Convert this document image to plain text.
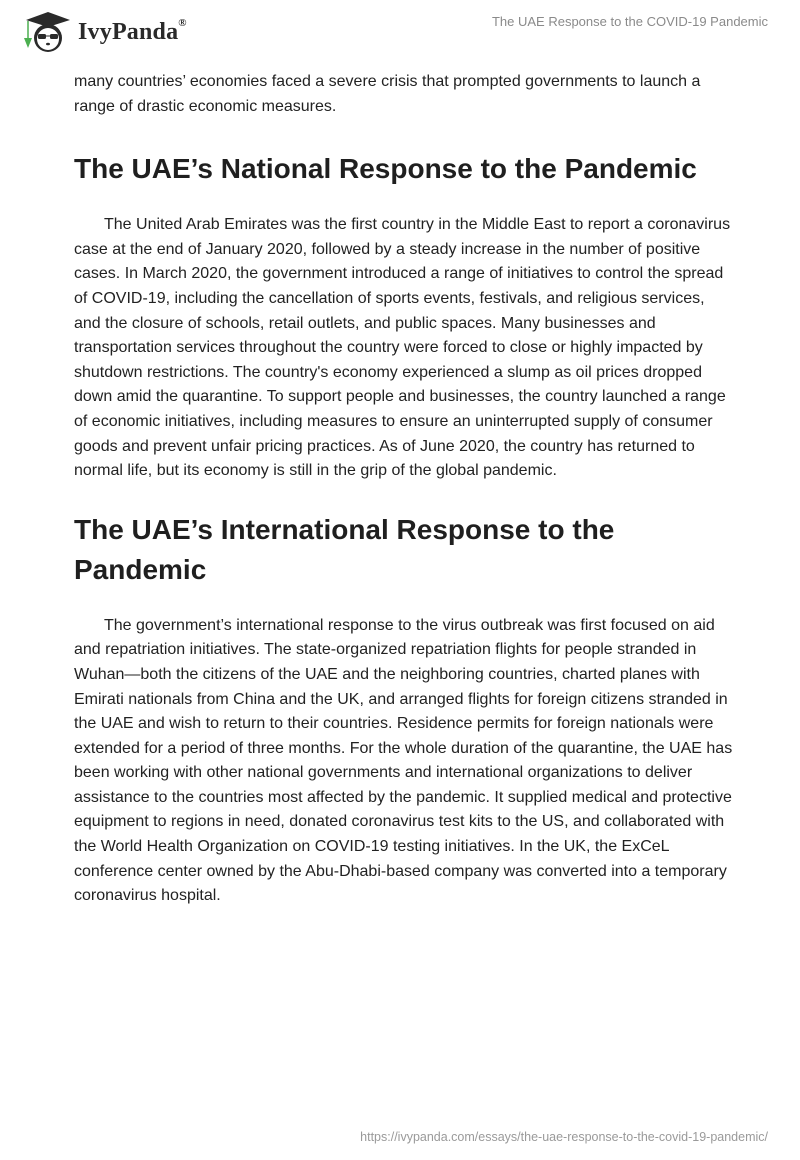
IvyPanda®	The UAE Response to the COVID-19 Pandemic

many countries’ economies faced a severe crisis that prompted governments to launch a range of drastic economic measures.

The UAE’s National Response to the Pandemic

The United Arab Emirates was the first country in the Middle East to report a coronavirus case at the end of January 2020, followed by a steady increase in the number of positive cases. In March 2020, the government introduced a range of initiatives to control the spread of COVID-19, including the cancellation of sports events, festivals, and religious services, and the closure of schools, retail outlets, and public spaces. Many businesses and transportation services throughout the country were forced to close or highly impacted by shutdown restrictions. The country's economy experienced a slump as oil prices dropped down amid the quarantine. To support people and businesses, the country launched a range of economic initiatives, including measures to ensure an uninterrupted supply of consumer goods and prevent unfair pricing practices. As of June 2020, the country has returned to normal life, but its economy is still in the grip of the global pandemic.

The UAE’s International Response to the Pandemic

The government’s international response to the virus outbreak was first focused on aid and repatriation initiatives. The state-organized repatriation flights for people stranded in Wuhan—both the citizens of the UAE and the neighboring countries, charted planes with Emirati nationals from China and the UK, and arranged flights for foreign citizens stranded in the UAE and wish to return to their countries. Residence permits for foreign nationals were extended for a period of three months. For the whole duration of the quarantine, the UAE has been working with other national governments and international organizations to deliver assistance to the countries most affected by the pandemic. It supplied medical and protective equipment to regions in need, donated coronavirus test kits to the US, and collaborated with the World Health Organization on COVID-19 testing initiatives. In the UK, the ExCeL conference center owned by the Abu-Dhabi-based company was converted into a temporary coronavirus hospital.

https://ivypanda.com/essays/the-uae-response-to-the-covid-19-pandemic/
